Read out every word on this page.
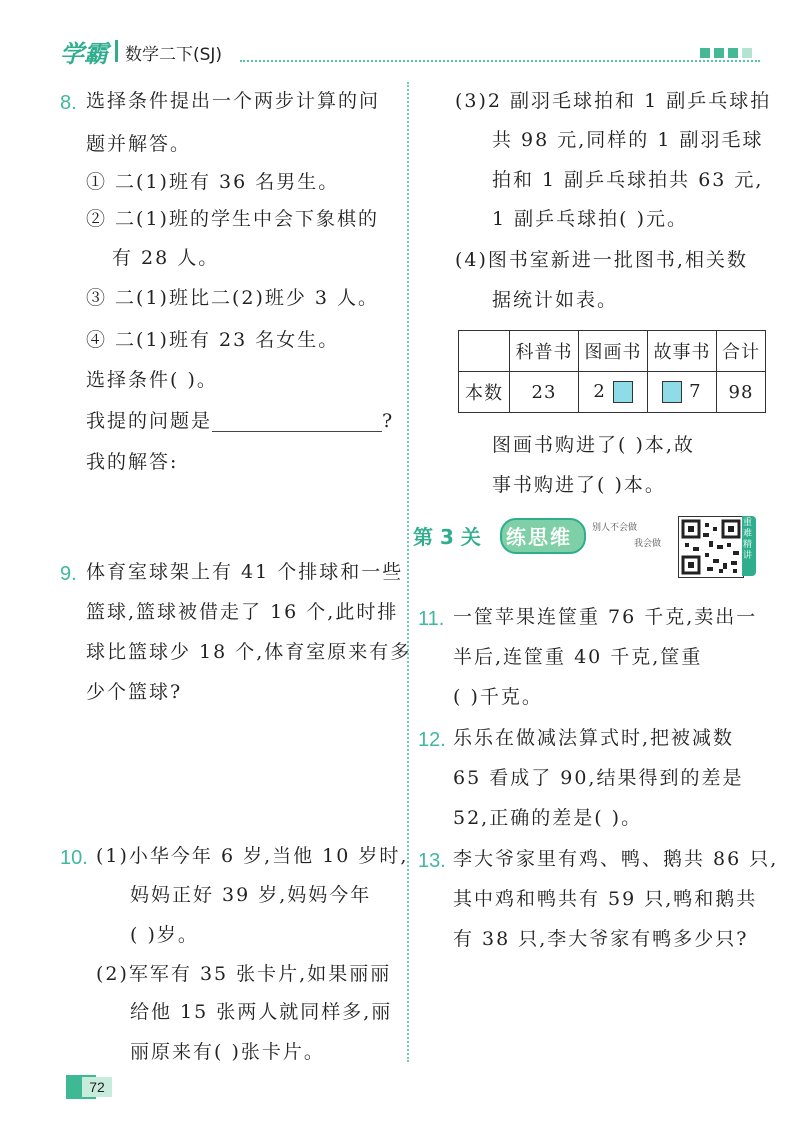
学霸 数学二下(SJ)
8. 选择条件提出一个两步计算的问
题并解答。
① 二(1)班有 36 名男生。
② 二(1)班的学生中会下象棋的
有 28 人。
③ 二(1)班比二(2)班少 3 人。
④ 二(1)班有 23 名女生。
选择条件( )。
我提的问题是	?
我的解答:
9. 体育室球架上有 41 个排球和一些
篮球,篮球被借走了 16 个,此时排
球比篮球少 18 个,体育室原来有多
少个篮球?
10. (1)小华今年 6 岁,当他 10 岁时,
妈妈正好 39 岁,妈妈今年
( )岁。
(2)军军有 35 张卡片,如果丽丽
给他 15 张两人就同样多,丽
丽原来有( )张卡片。
(3)2 副羽毛球拍和 1 副乒乓球拍
共 98 元,同样的 1 副羽毛球
拍和 1 副乒乓球拍共 63 元,
1 副乒乓球拍( )元。
(4)图书室新进一批图书,相关数
据统计如表。
	科普书	图画书	故事书	合计
本数	23	2	7	98
图画书购进了( )本,故
事书购进了( )本。
第 3 关 练思维 别人不会做
我会做
重难精讲
11. 一筐苹果连筐重 76 千克,卖出一
半后,连筐重 40 千克,筐重
( )千克。
12. 乐乐在做减法算式时,把被减数
65 看成了 90,结果得到的差是
52,正确的差是( )。
13. 李大爷家里有鸡、鸭、鹅共 86 只,
其中鸡和鸭共有 59 只,鸭和鹅共
有 38 只,李大爷家有鸭多少只?
72
